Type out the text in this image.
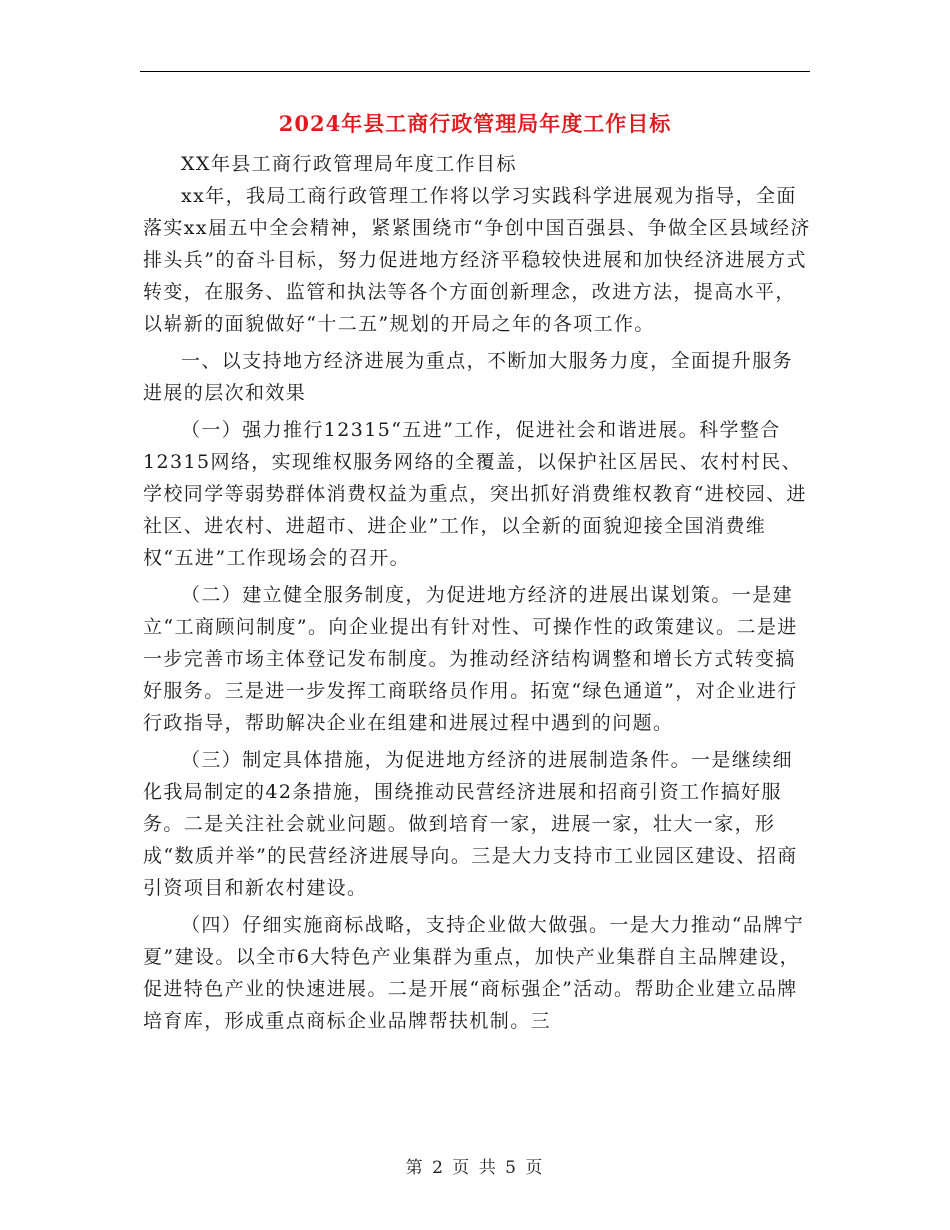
2024年县工商行政管理局年度工作目标

XX年县工商行政管理局年度工作目标

xx年，我局工商行政管理工作将以学习实践科学进展观为指导，全面落实xx届五中全会精神，紧紧围绕市“争创中国百强县、争做全区县域经济排头兵”的奋斗目标，努力促进地方经济平稳较快进展和加快经济进展方式转变，在服务、监管和执法等各个方面创新理念，改进方法，提高水平，以崭新的面貌做好“十二五”规划的开局之年的各项工作。

一、以支持地方经济进展为重点，不断加大服务力度，全面提升服务进展的层次和效果

（一）强力推行12315“五进”工作，促进社会和谐进展。科学整合12315网络，实现维权服务网络的全覆盖，以保护社区居民、农村村民、学校同学等弱势群体消费权益为重点，突出抓好消费维权教育“进校园、进社区、进农村、进超市、进企业”工作，以全新的面貌迎接全国消费维权“五进”工作现场会的召开。

（二）建立健全服务制度，为促进地方经济的进展出谋划策。一是建立“工商顾问制度”。向企业提出有针对性、可操作性的政策建议。二是进一步完善市场主体登记发布制度。为推动经济结构调整和增长方式转变搞好服务。三是进一步发挥工商联络员作用。拓宽“绿色通道”，对企业进行行政指导，帮助解决企业在组建和进展过程中遇到的问题。

（三）制定具体措施，为促进地方经济的进展制造条件。一是继续细化我局制定的42条措施，围绕推动民营经济进展和招商引资工作搞好服务。二是关注社会就业问题。做到培育一家，进展一家，壮大一家，形成“数质并举”的民营经济进展导向。三是大力支持市工业园区建设、招商引资项目和新农村建设。

（四）仔细实施商标战略，支持企业做大做强。一是大力推动“品牌宁夏”建设。以全市6大特色产业集群为重点，加快产业集群自主品牌建设，促进特色产业的快速进展。二是开展“商标强企”活动。帮助企业建立品牌培育库，形成重点商标企业品牌帮扶机制。三

第 2 页 共 5 页
